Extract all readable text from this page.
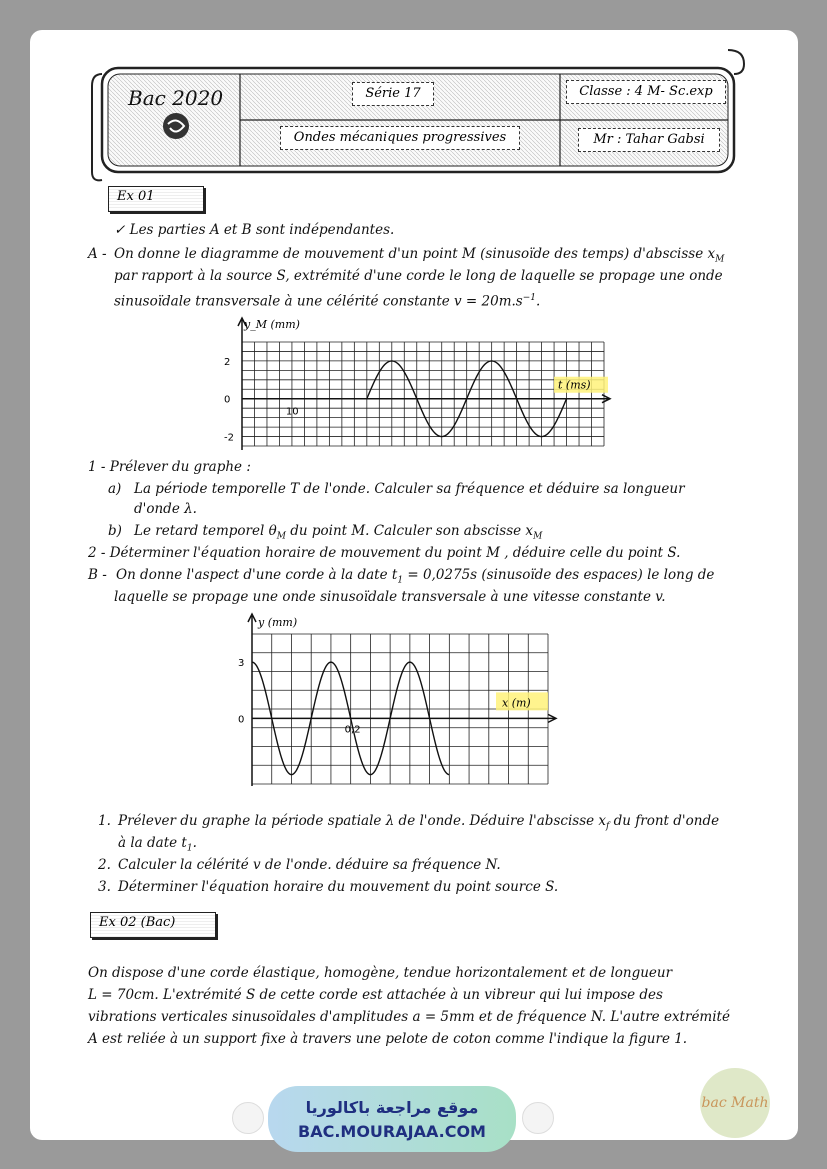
Bac 2020	Série 17	Classe : 4 M- Sc.exp
Ondes mécaniques progressives	Mr : Tahar Gabsi
Ex 01
✓ Les parties A et B sont indépendantes.
A - On donne le diagramme de mouvement d'un point M (sinusoïde des temps) d'abscisse $x_M$
par rapport à la source S, extrémité d'une corde le long de laquelle se propage une onde
sinusoïdale transversale à une célérité constante $v = 20m.s^{-1}$.
2
0
-2
10
y_M (mm)
t (ms)
1 - Prélever du graphe :
a) La période temporelle T de l'onde. Calculer sa fréquence et déduire sa longueur
d'onde λ.
b) Le retard temporel $\theta_M$ du point M. Calculer son abscisse $x_M$
2 - Déterminer l'équation horaire de mouvement du point M , déduire celle du point S.
B - On donne l'aspect d'une corde à la date $t_1 = 0,0275s$ (sinusoïde des espaces) le long de
laquelle se propage une onde sinusoïdale transversale à une vitesse constante v.
3
0
0,2
y (mm)
x (m)
1. Prélever du graphe la période spatiale λ de l'onde. Déduire l'abscisse $x_f$ du front d'onde
à la date $t_1$.
2. Calculer la célérité v de l'onde. déduire sa fréquence N.
3. Déterminer l'équation horaire du mouvement du point source S.
Ex 02 (Bac)
On dispose d'une corde élastique, homogène, tendue horizontalement et de longueur
L = 70cm. L'extrémité S de cette corde est attachée à un vibreur qui lui impose des
vibrations verticales sinusoïdales d'amplitudes a = 5mm et de fréquence N. L'autre extrémité
A est reliée à un support fixe à travers une pelote de coton comme l'indique la figure 1.
موقع مراجعة باكالوريا
BAC.MOURAJAA.COM
bac Math
